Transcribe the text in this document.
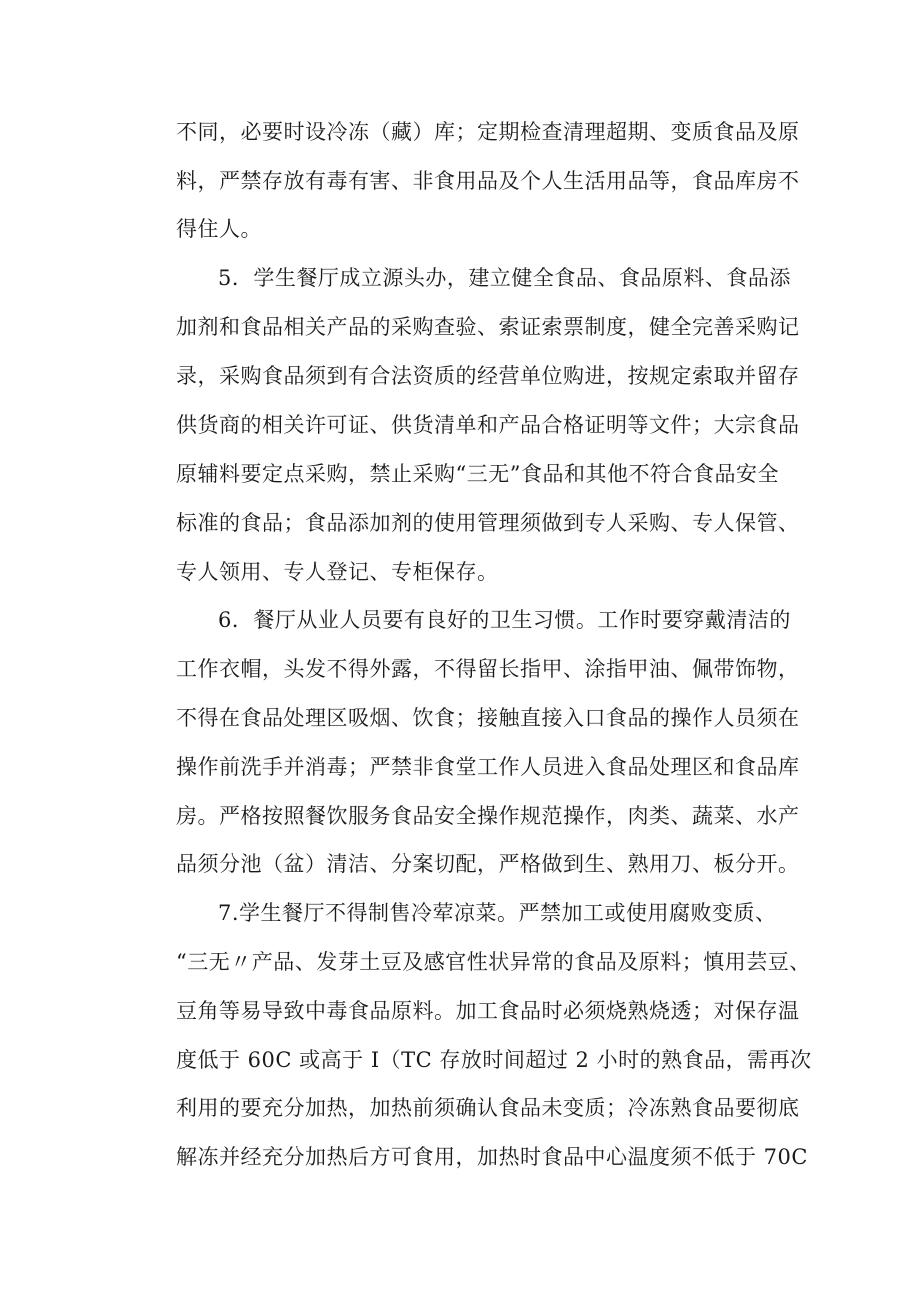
不同，必要时设冷冻（藏）库；定期检查清理超期、变质食品及原
料，严禁存放有毒有害、非食用品及个人生活用品等，食品库房不
得住人。
5．学生餐厅成立源头办，建立健全食品、食品原料、食品添
加剂和食品相关产品的采购查验、索证索票制度，健全完善采购记
录，采购食品须到有合法资质的经营单位购进，按规定索取并留存
供货商的相关许可证、供货清单和产品合格证明等文件；大宗食品
原辅料要定点采购，禁止采购“三无”食品和其他不符合食品安全
标准的食品；食品添加剂的使用管理须做到专人采购、专人保管、
专人领用、专人登记、专柜保存。
6．餐厅从业人员要有良好的卫生习惯。工作时要穿戴清洁的
工作衣帽，头发不得外露，不得留长指甲、涂指甲油、佩带饰物，
不得在食品处理区吸烟、饮食；接触直接入口食品的操作人员须在
操作前洗手并消毒；严禁非食堂工作人员进入食品处理区和食品库
房。严格按照餐饮服务食品安全操作规范操作，肉类、蔬菜、水产
品须分池（盆）清洁、分案切配，严格做到生、熟用刀、板分开。
7.学生餐厅不得制售冷荤凉菜。严禁加工或使用腐败变质、
“三无〃产品、发芽土豆及感官性状异常的食品及原料；慎用芸豆、
豆角等易导致中毒食品原料。加工食品时必须烧熟烧透；对保存温
度低于 60C 或高于 I（TC 存放时间超过 2 小时的熟食品，需再次
利用的要充分加热，加热前须确认食品未变质；冷冻熟食品要彻底
解冻并经充分加热后方可食用，加热时食品中心温度须不低于 70C
